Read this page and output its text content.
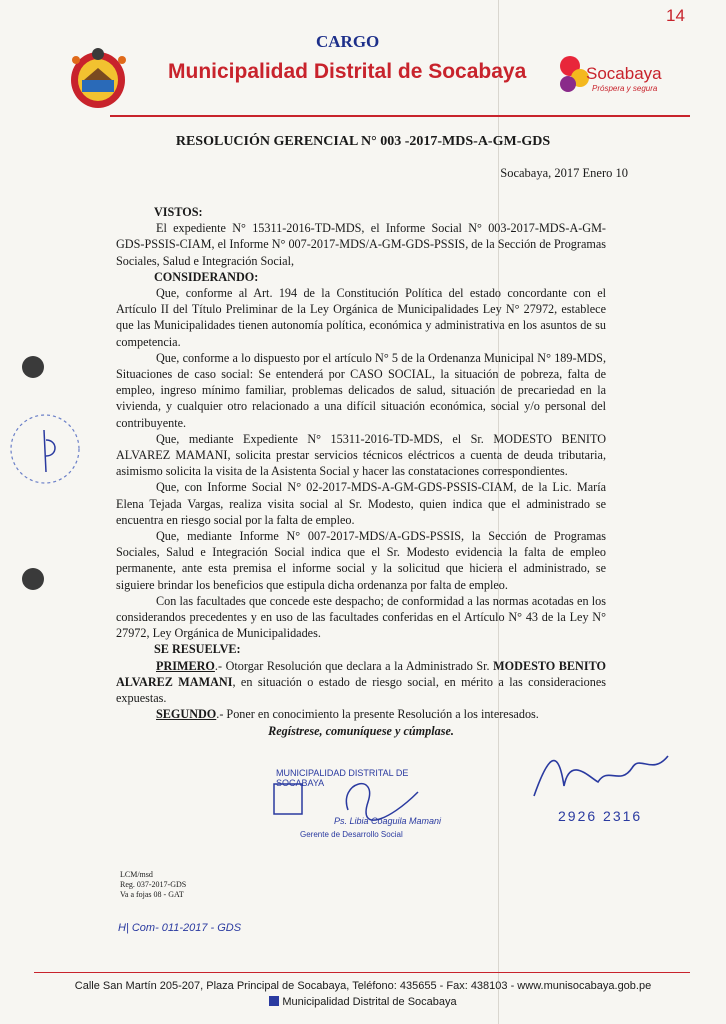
14
CARGO
Municipalidad Distrital de Socabaya	Socabaya
Próspera y segura
RESOLUCIÓN GERENCIAL N° 003 -2017-MDS-A-GM-GDS
Socabaya, 2017 Enero 10

VISTOS:

El expediente N° 15311-2016-TD-MDS, el Informe Social N° 003-2017-MDS-A-GM-GDS-PSSIS-CIAM, el Informe N° 007-2017-MDS/A-GM-GDS-PSSIS, de la Sección de Programas Sociales, Salud e Integración Social,

CONSIDERANDO:

Que, conforme al Art. 194 de la Constitución Política del estado concordante con el Artículo II del Título Preliminar de la Ley Orgánica de Municipalidades Ley N° 27972, establece que las Municipalidades tienen autonomía política, económica y administrativa en los asuntos de su competencia.

Que, conforme a lo dispuesto por el artículo N° 5 de la Ordenanza Municipal N° 189-MDS, Situaciones de caso social: Se entenderá por CASO SOCIAL, la situación de pobreza, falta de empleo, ingreso mínimo familiar, problemas delicados de salud, situación de precariedad en la vivienda, y cualquier otro relacionado a una difícil situación económica, social y/o personal del contribuyente.

Que, mediante Expediente N° 15311-2016-TD-MDS, el Sr. MODESTO BENITO ALVAREZ MAMANI, solicita prestar servicios técnicos eléctricos a cuenta de deuda tributaria, asimismo solicita la visita de la Asistenta Social y hacer las constataciones correspondientes.

Que, con Informe Social N° 02-2017-MDS-A-GM-GDS-PSSIS-CIAM, de la Lic. María Elena Tejada Vargas, realiza visita social al Sr. Modesto, quien indica que el administrado se encuentra en riesgo social por la falta de empleo.

Que, mediante Informe N° 007-2017-MDS/A-GDS-PSSIS, la Sección de Programas Sociales, Salud e Integración Social indica que el Sr. Modesto evidencia la falta de empleo permanente, ante esta premisa el informe social y la solicitud que hiciera el administrado, se siguiere brindar los beneficios que estipula dicha ordenanza por falta de empleo.

Con las facultades que concede este despacho; de conformidad a las normas acotadas en los considerandos precedentes y en uso de las facultades conferidas en el Artículo N° 43 de la Ley N° 27972, Ley Orgánica de Municipalidades.

SE RESUELVE:

PRIMERO.- Otorgar Resolución que declara a la Administrado Sr. MODESTO BENITO ALVAREZ MAMANI, en situación o estado de riesgo social, en mérito a las consideraciones expuestas.

SEGUNDO.- Poner en conocimiento la presente Resolución a los interesados.

Regístrese, comuníquese y cúmplase.

MUNICIPALIDAD DISTRITAL DE SOCABAYA
Ps. Libia Coaguila Mamani
Gerente de Desarrollo Social
2926 2316
LCM/msd
Reg. 037-2017-GDS
Va a fojas 08 - GAT
H| Com- 011-2017 - GDS
Calle San Martín 205-207, Plaza Principal de Socabaya, Teléfono: 435655 - Fax: 438103 - www.munisocabaya.gob.pe
Municipalidad Distrital de Socabaya
